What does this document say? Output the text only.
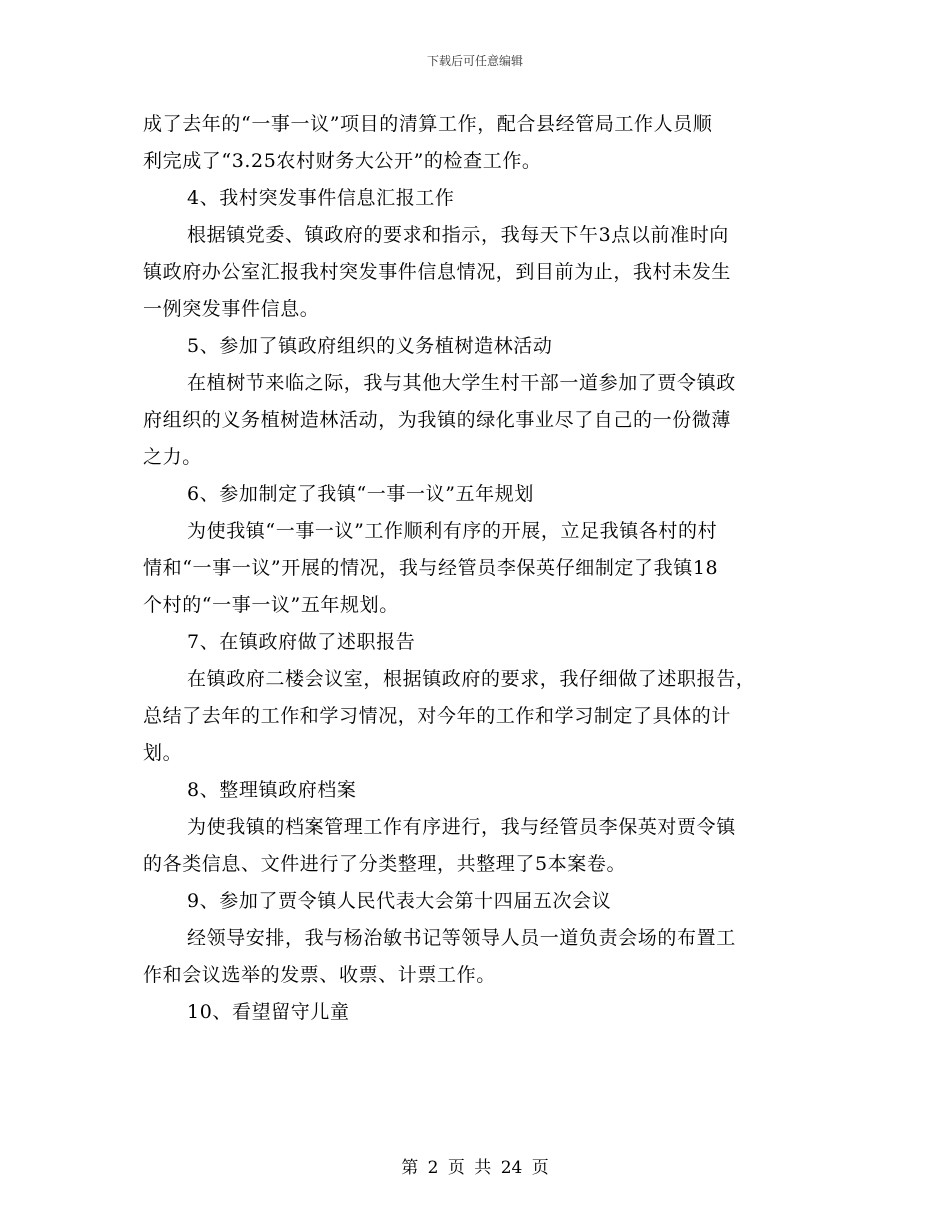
下载后可任意编辑
成了去年的“一事一议”项目的清算工作，配合县经管局工作人员顺
利完成了“3.25农村财务大公开”的检查工作。
4、我村突发事件信息汇报工作
根据镇党委、镇政府的要求和指示，我每天下午3点以前准时向
镇政府办公室汇报我村突发事件信息情况，到目前为止，我村未发生
一例突发事件信息。
5、参加了镇政府组织的义务植树造林活动
在植树节来临之际，我与其他大学生村干部一道参加了贾令镇政
府组织的义务植树造林活动，为我镇的绿化事业尽了自己的一份微薄
之力。
6、参加制定了我镇“一事一议”五年规划
为使我镇“一事一议”工作顺利有序的开展，立足我镇各村的村
情和“一事一议”开展的情况，我与经管员李保英仔细制定了我镇18
个村的“一事一议”五年规划。
7、在镇政府做了述职报告
在镇政府二楼会议室，根据镇政府的要求，我仔细做了述职报告，
总结了去年的工作和学习情况，对今年的工作和学习制定了具体的计
划。
8、整理镇政府档案
为使我镇的档案管理工作有序进行，我与经管员李保英对贾令镇
的各类信息、文件进行了分类整理，共整理了5本案卷。
9、参加了贾令镇人民代表大会第十四届五次会议
经领导安排，我与杨治敏书记等领导人员一道负责会场的布置工
作和会议选举的发票、收票、计票工作。
10、看望留守儿童
第 2 页 共 24 页
